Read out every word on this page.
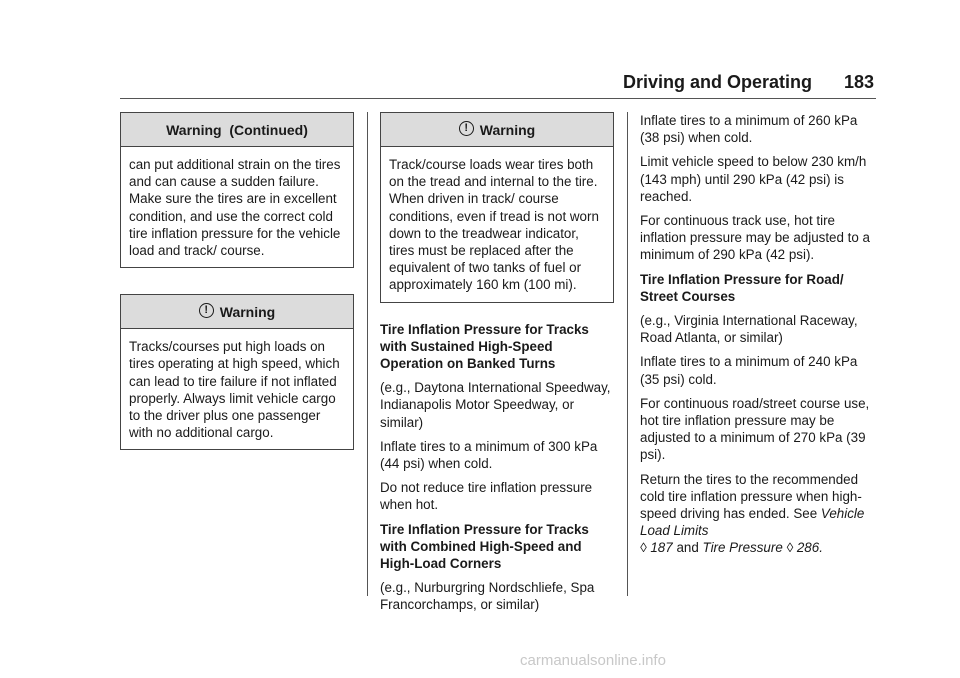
Driving and Operating 183
Warning  (Continued)
can put additional strain on the tires and can cause a sudden failure. Make sure the tires are in excellent condition, and use the correct cold tire inflation pressure for the vehicle load and track/ course.
! Warning
Tracks/courses put high loads on tires operating at high speed, which can lead to tire failure if not inflated properly. Always limit vehicle cargo to the driver plus one passenger with no additional cargo.
! Warning
Track/course loads wear tires both on the tread and internal to the tire. When driven in track/ course conditions, even if tread is not worn down to the treadwear indicator, tires must be replaced after the equivalent of two tanks of fuel or approximately 160 km (100 mi).

Tire Inflation Pressure for Tracks with Sustained High-Speed Operation on Banked Turns

(e.g., Daytona International Speedway, Indianapolis Motor Speedway, or similar)

Inflate tires to a minimum of 300 kPa (44 psi) when cold.

Do not reduce tire inflation pressure when hot.

Tire Inflation Pressure for Tracks with Combined High-Speed and High-Load Corners

(e.g., Nurburgring Nordschliefe, Spa Francorchamps, or similar)

Inflate tires to a minimum of 260 kPa (38 psi) when cold.

Limit vehicle speed to below 230 km/h (143 mph) until 290 kPa (42 psi) is reached.

For continuous track use, hot tire inflation pressure may be adjusted to a minimum of 290 kPa (42 psi).

Tire Inflation Pressure for Road/ Street Courses

(e.g., Virginia International Raceway, Road Atlanta, or similar)

Inflate tires to a minimum of 240 kPa (35 psi) cold.

For continuous road/street course use, hot tire inflation pressure may be adjusted to a minimum of 270 kPa (39 psi).

Return the tires to the recommended cold tire inflation pressure when high-speed driving has ended. See Vehicle Load Limits
◊ 187 and Tire Pressure ◊ 286.

carmanualsonline.info
